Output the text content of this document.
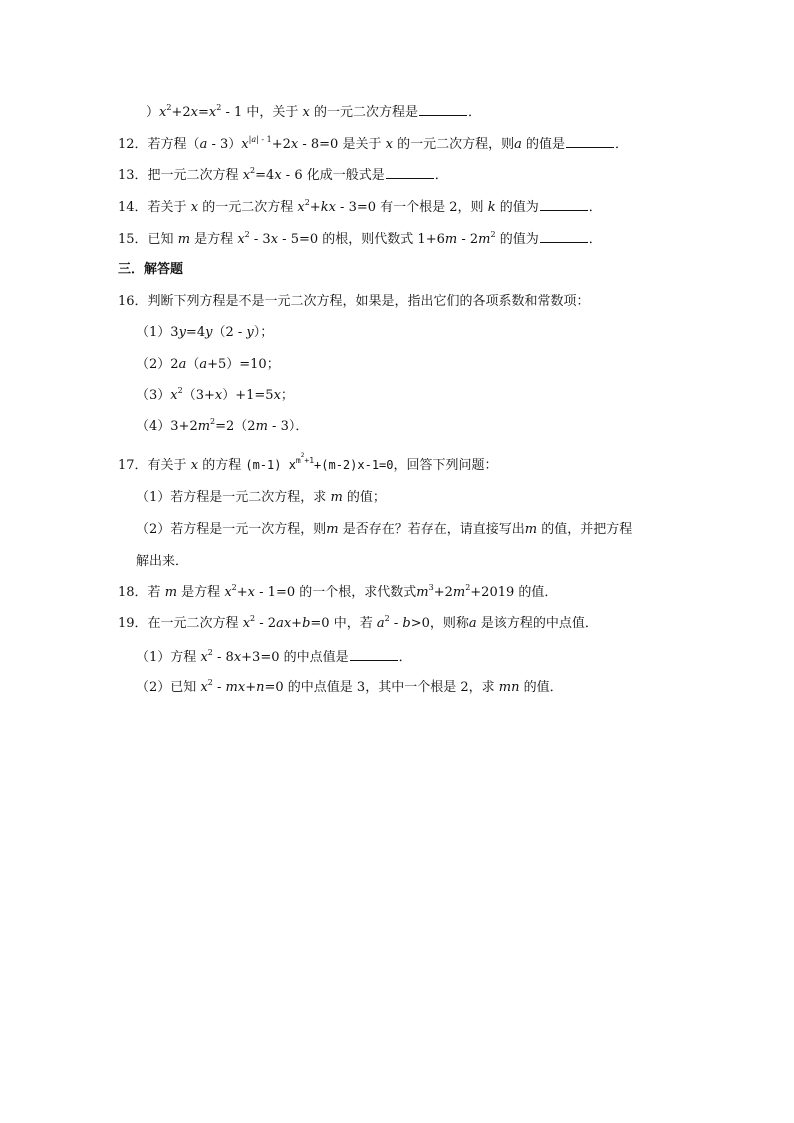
）$x^2+2x=x^2 - 1$ 中，关于 x 的一元二次方程是	．
12．若方程$(a - 3)x^{|a| - 1}+2x - 8=0$ 是关于 x 的一元二次方程，则a 的值是	．
13．把一元二次方程 $x^2=4x - 6$ 化成一般式是	．
14．若关于 x 的一元二次方程 $x^2+kx - 3=0$ 有一个根是 2，则 k 的值为	．
15．已知 m 是方程 $x^2 - 3x - 5=0$ 的根，则代数式 $1+6m - 2m^2$ 的值为	．
三．解答题
16．判断下列方程是不是一元二次方程，如果是，指出它们的各项系数和常数项：
（1）3y=4y（2 - y）；
（2）2a（a+5）=10；
$(3)x^2(3+x)+1=5x$；
$(4)3+2m^2=2(2m - 3)$．
17．有关于 x 的方程 (m-1) $x^{m^2+1}+(m-2)x-1=0$，回答下列问题：
（1）若方程是一元二次方程，求 m 的值；
（2）若方程是一元一次方程，则m 是否存在？若存在，请直接写出m 的值，并把方程
解出来．
18．若 m 是方程 $x^2+x - 1=0$ 的一个根，求代数式$m^3+2m^2+2019$ 的值．
19．在一元二次方程 $x^2 - 2ax+b=0$ 中，若 $a^2 - b>0$，则称a 是该方程的中点值．
（1）方程 $x^2 - 8x+3=0$ 的中点值是	．
（2）已知 $x^2 - mx+n=0$ 的中点值是 3，其中一个根是 2，求 mn 的值．
